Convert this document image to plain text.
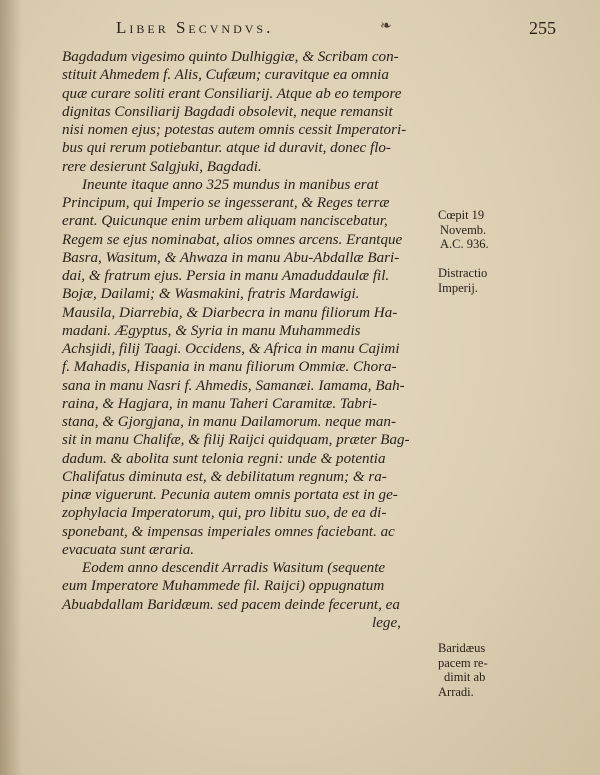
Liber Secvndvs.	❧	255
Bagdadum vigesimo quinto Dulhiggiæ, & Scribam con-
stituit Ahmedem f. Alis, Cufæum; curavitque ea omnia
quæ curare soliti erant Consiliarij. Atque ab eo tempore
dignitas Consiliarij Bagdadi obsolevit, neque remansit
nisi nomen ejus; potestas autem omnis cessit Imperatori-
bus qui rerum potiebantur. atque id duravit, donec flo-
rere desierunt Salgjuki, Bagdadi.
Ineunte itaque anno 325 mundus in manibus erat
Principum, qui Imperio se ingesserant, & Reges terræ
erant. Quicunque enim urbem aliquam nanciscebatur,
Regem se ejus nominabat, alios omnes arcens. Erantque
Basra, Wasitum, & Ahwaza in manu Abu-Abdallæ Bari-
dai, & fratrum ejus. Persia in manu Amaduddaulæ fil.
Bojæ, Dailami; & Wasmakini, fratris Mardawigi.
Mausila, Diarrebia, & Diarbecra in manu filiorum Ha-
madani. Ægyptus, & Syria in manu Muhammedis
Achsjidi, filij Taagi. Occidens, & Africa in manu Cajimi
f. Mahadis, Hispania in manu filiorum Ommiæ. Chora-
sana in manu Nasri f. Ahmedis, Samanæi. Iamama, Bah-
raina, & Hagjara, in manu Taheri Caramitæ. Tabri-
stana, & Gjorgjana, in manu Dailamorum. neque man-
sit in manu Chalifæ, & filij Raijci quidquam, præter Bag-
dadum. & abolita sunt telonia regni: unde & potentia
Chalifatus diminuta est, & debilitatum regnum; & ra-
pinæ viguerunt. Pecunia autem omnis portata est in ge-
zophylacia Imperatorum, qui, pro libitu suo, de ea di-
sponebant, & impensas imperiales omnes faciebant. ac
evacuata sunt æraria.
Eodem anno descendit Arradis Wasitum (sequente
eum Imperatore Muhammede fil. Raijci) oppugnatum
Abuabdallam Baridæum. sed pacem deinde fecerunt, ea
lege,
Cœpit 19
Novemb.
A.C. 936.
Distractio
Imperij.
Baridæus
pacem re-
dimit ab
Arradi.
